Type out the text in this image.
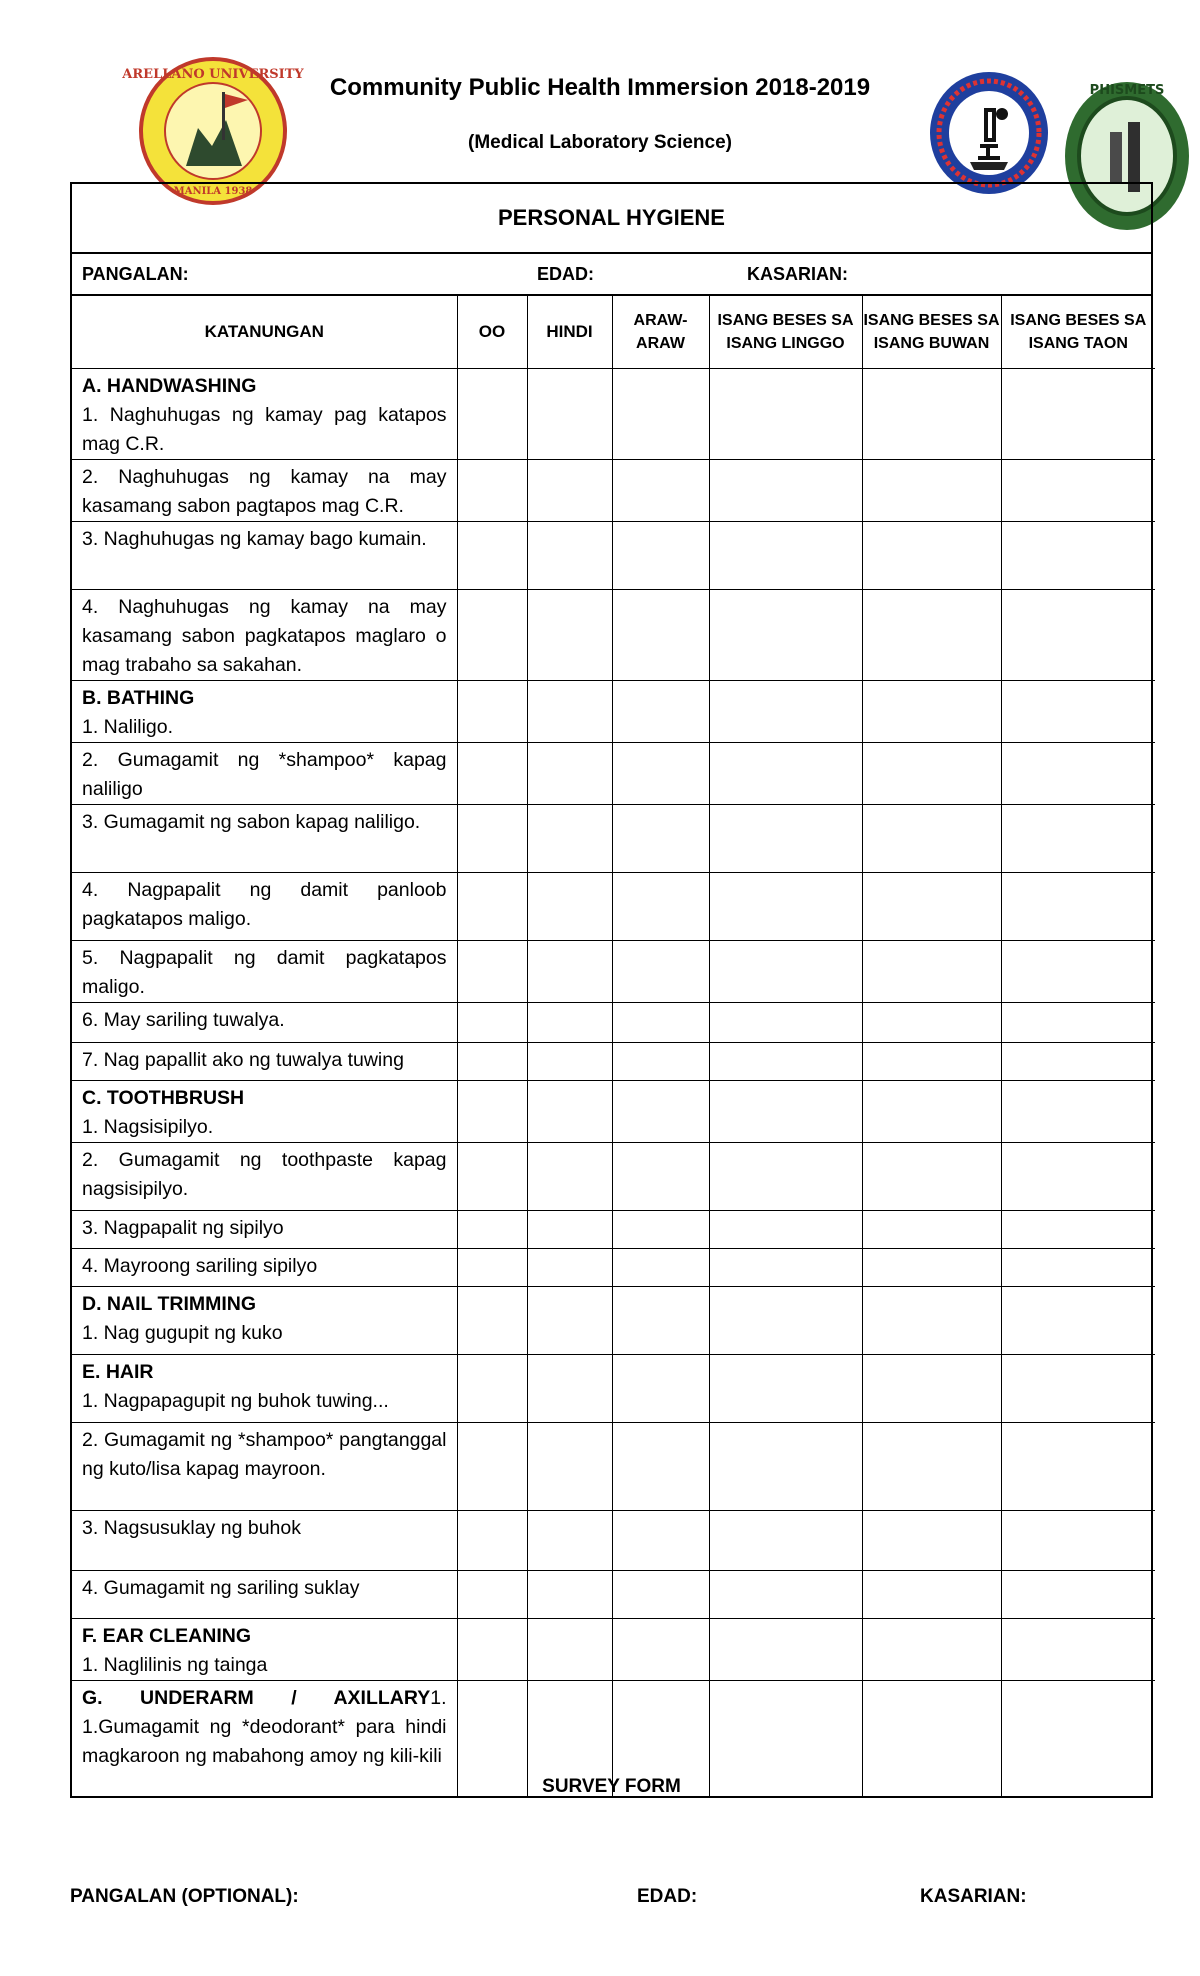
ARELLANO UNIVERSITY
MANILA 1938
PHISMETS
Community Public Health Immersion 2018-2019
(Medical Laboratory Science)
PERSONAL HYGIENE
PANGALAN:	EDAD:	KASARIAN:
KATANUNGAN	OO	HINDI	ARAW-ARAW	ISANG BESES SA ISANG LINGGO	ISANG BESES SA ISANG BUWAN	ISANG BESES SA ISANG TAON

A. HANDWASHING
1. Naghuhugas ng kamay pag katapos mag C.R.						

2. Naghuhugas ng kamay na may kasamang sabon pagtapos mag C.R.						

3. Naghuhugas ng kamay bago kumain.						

4. Naghuhugas ng kamay na may kasamang sabon pagkatapos maglaro o mag trabaho sa sakahan.						

B. BATHING
1. Naliligo.						

2. Gumagamit ng *shampoo* kapag naliligo						

3. Gumagamit ng sabon kapag naliligo.						

4. Nagpapalit ng damit panloob pagkatapos maligo.						

5. Nagpapalit ng damit pagkatapos maligo.						

6. May sariling tuwalya.						

7. Nag papallit ako ng tuwalya tuwing						

C. TOOTHBRUSH
1. Nagsisipilyo.						

2. Gumagamit ng toothpaste kapag nagsisipilyo.						

3. Nagpapalit ng sipilyo						

4. Mayroong sariling sipilyo						

D. NAIL TRIMMING
1. Nag gugupit ng kuko						

E. HAIR
1. Nagpapagupit ng buhok tuwing...						

2. Gumagamit ng *shampoo* pangtanggal ng kuto/lisa kapag mayroon.						

3. Nagsusuklay ng buhok						

4. Gumagamit ng sariling suklay						

F. EAR CLEANING
1. Naglilinis ng tainga						

G. UNDERARM / AXILLARY1.
1.Gumagamit ng *deodorant* para hindi magkaroon ng mabahong amoy ng kili-kili						

SURVEY FORM
PANGALAN (OPTIONAL):	EDAD:	KASARIAN:
